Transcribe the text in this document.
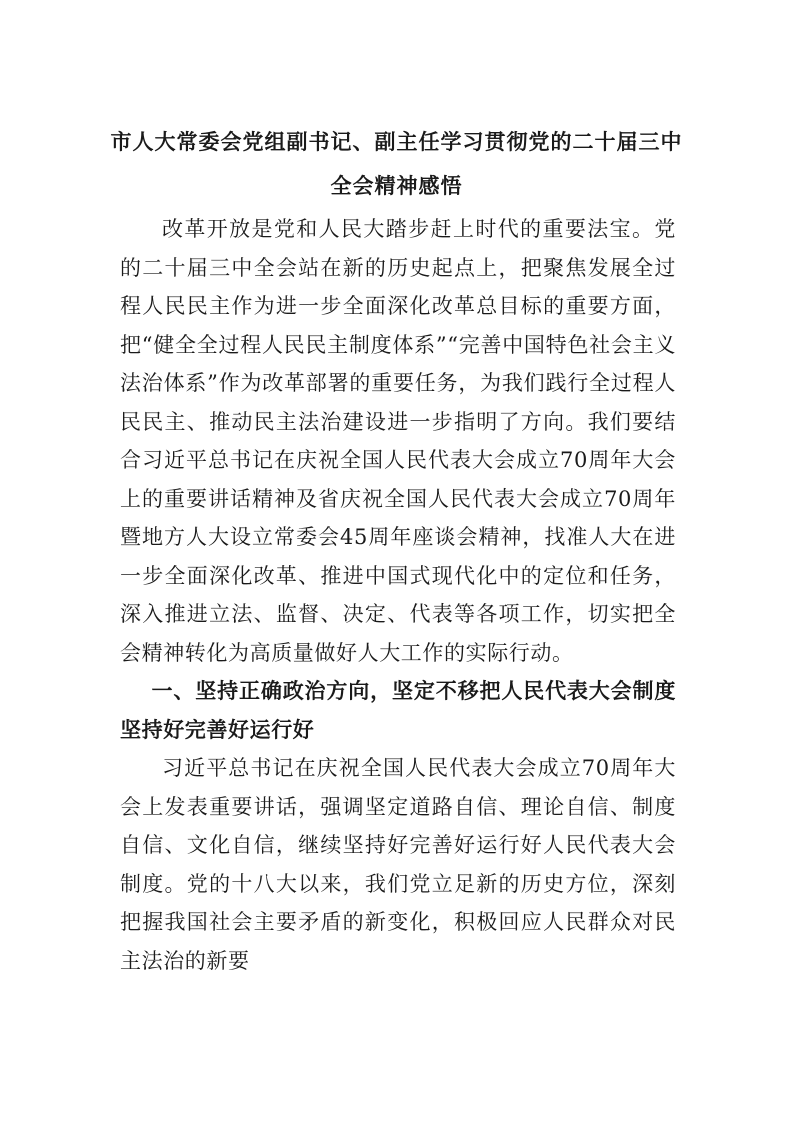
市人大常委会党组副书记、副主任学习贯彻党的二十届三中全会精神感悟

改革开放是党和人民大踏步赶上时代的重要法宝。党的二十届三中全会站在新的历史起点上，把聚焦发展全过程人民民主作为进一步全面深化改革总目标的重要方面，把“健全全过程人民民主制度体系”“完善中国特色社会主义法治体系”作为改革部署的重要任务，为我们践行全过程人民民主、推动民主法治建设进一步指明了方向。我们要结合习近平总书记在庆祝全国人民代表大会成立70周年大会上的重要讲话精神及省庆祝全国人民代表大会成立70周年暨地方人大设立常委会45周年座谈会精神，找准人大在进一步全面深化改革、推进中国式现代化中的定位和任务，深入推进立法、监督、决定、代表等各项工作，切实把全会精神转化为高质量做好人大工作的实际行动。

一、坚持正确政治方向，坚定不移把人民代表大会制度坚持好完善好运行好

习近平总书记在庆祝全国人民代表大会成立70周年大会上发表重要讲话，强调坚定道路自信、理论自信、制度自信、文化自信，继续坚持好完善好运行好人民代表大会制度。党的十八大以来，我们党立足新的历史方位，深刻把握我国社会主要矛盾的新变化，积极回应人民群众对民主法治的新要
